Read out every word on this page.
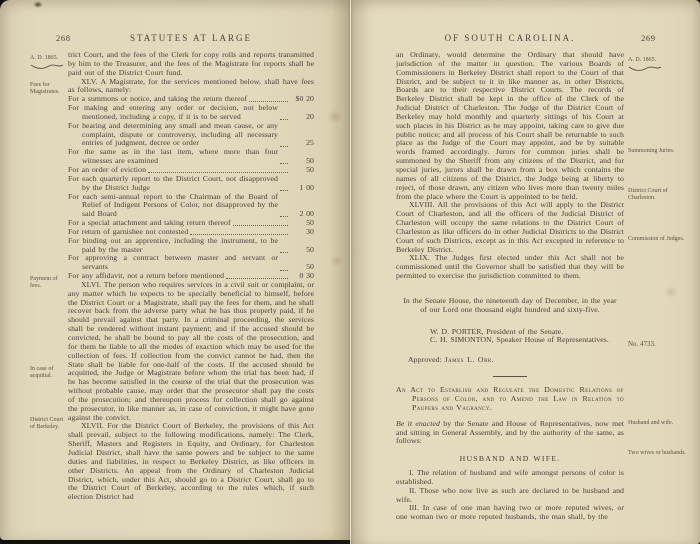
268	STATUTES AT LARGE
A. D. 1865.
Fees for Magistrates.
Payment of fees.
In case of acquittal.
District Court of Berkeley.

trict Court, and the fees of the Clerk for copy rolls and reports transmitted by him to the Treasurer, and the fees of the Magistrate for reports shall be paid out of the District Court fund.

XLV. A Magistrate, for the services mentioned below, shall have fees as follows, namely:

For a summons or notice, and taking the return thereof	$0 20
For making and entering any order or decision, not below mentioned, including a copy, if it is to be served	20
For hearing and determining any small and mean cause, or any complaint, dispute or controversy, including all necessary entries of judgment, decree or order	25
For the same as in the last item, where more than four witnesses are examined	50
For an order of eviction	50
For each quarterly report to the District Court, not disapproved by the District Judge	1 00
For each semi-annual report to the Chairman of the Board of Relief of Indigent Persons of Color, not disapproved by the said Board	2 00
For a special attachment and taking return thereof	50
For return of garnishee not contested	30
For binding out an apprentice, including the instrument, to be paid by the master	50
For approving a contract between master and servant or servants	50
For any affidavit, not a return before mentioned	0 30

XLVI. The person who requires services in a civil suit or complaint, or any matter which he expects to be specially beneficial to himself, before the District Court or a Magistrate, shall pay the fees for them, and he shall recover back from the adverse party what he has thus properly paid, if he should prevail against that party. In a criminal proceeding, the services shall be rendered without instant payment; and if the accused should be convicted, he shall be bound to pay all the costs of the prosecution, and for them be liable to all the modes of exaction which may be used for the collection of fees. If collection from the convict cannot be had, then the State shall be liable for one-half of the costs. If the accused should be acquitted, the Judge or Magistrate before whom the trial has been had, if he has become satisfied in the course of the trial that the prosecution was without probable cause, may order that the prosecutor shall pay the costs of the prosecution; and thereupon process for collection shall go against the prosecutor, in like manner as, in case of conviction, it might have gone against the convict.

XLVII. For the District Court of Berkeley, the provisions of this Act shall prevail, subject to the following modifications, namely: The Clerk, Sheriff, Masters and Registers in Equity, and Ordinary, for Charleston Judicial District, shall have the same powers and be subject to the same duties and liabilities, in respect to Berkeley District, as like officers in other Districts. An appeal from the Ordinary of Charleston Judicial District, which, under this Act, should go to a District Court, shall go to the District Court of Berkeley, according to the rules which, if such election District had

OF SOUTH CAROLINA.	269
A. D. 1865.
Summoning Juries.
District Court of Charleston.
Commission of Judges.
No. 4733.
Husband and wife.
Two wives or husbands.

an Ordinary, would determine the Ordinary that should have jurisdiction of the matter in question. The various Boards of Commissioners in Berkeley District shall report to the Court of that District, and be subject to it in like manner as, in other Districts, Boards are to their respective District Courts. The records of Berkeley District shall be kept in the office of the Clerk of the Judicial District of Charleston. The Judge of the District Court of Berkeley may hold monthly and quarterly sittings of his Court at such places in his District as he may appoint, taking care to give due public notice; and all process of his Court shall be returnable to such place as the Judge of the Court may appoint, and be by suitable words framed accordingly. Jurors for common juries shall be summoned by the Sheriff from any citizens of the District, and for special juries, jurors shall be drawn from a box which contains the names of all citizens of the District, the Judge being at liberty to reject, of those drawn, any citizen who lives more than twenty miles from the place where the Court is appointed to be held.

XLVIII. All the provisions of this Act will apply to the District Court of Charleston, and all the officers of the Judicial District of Charleston will occupy the same relations to the District Court of Charleston as like officers do in other Judicial Districts to the District Court of such Districts, except as in this Act excepted in reference to Berkeley District.

XLIX. The Judges first elected under this Act shall not be commissioned until the Governor shall be satisfied that they will be permitted to exercise the jurisdiction committed to them.

In the Senate House, the nineteenth day of December, in the year of our Lord one thousand eight hundred and sixty-five.

W. D. PORTER, President of the Senate.
C. H. SIMONTON, Speaker House of Representatives.
Approved: James L. Orr.

An Act to Establish and Regulate the Domestic Relations of Persons of Color, and to Amend the Law in Relation to Paupers and Vagrancy.

Be it enacted by the Senate and House of Representatives, now met and sitting in General Assembly, and by the authority of the same, as follows:

HUSBAND AND WIFE.

I. The relation of husband and wife amongst persons of color is established.

II. Those who now live as such are declared to be husband and wife.

III. In case of one man having two or more reputed wives, or one woman two or more reputed husbands, the man shall, by the
